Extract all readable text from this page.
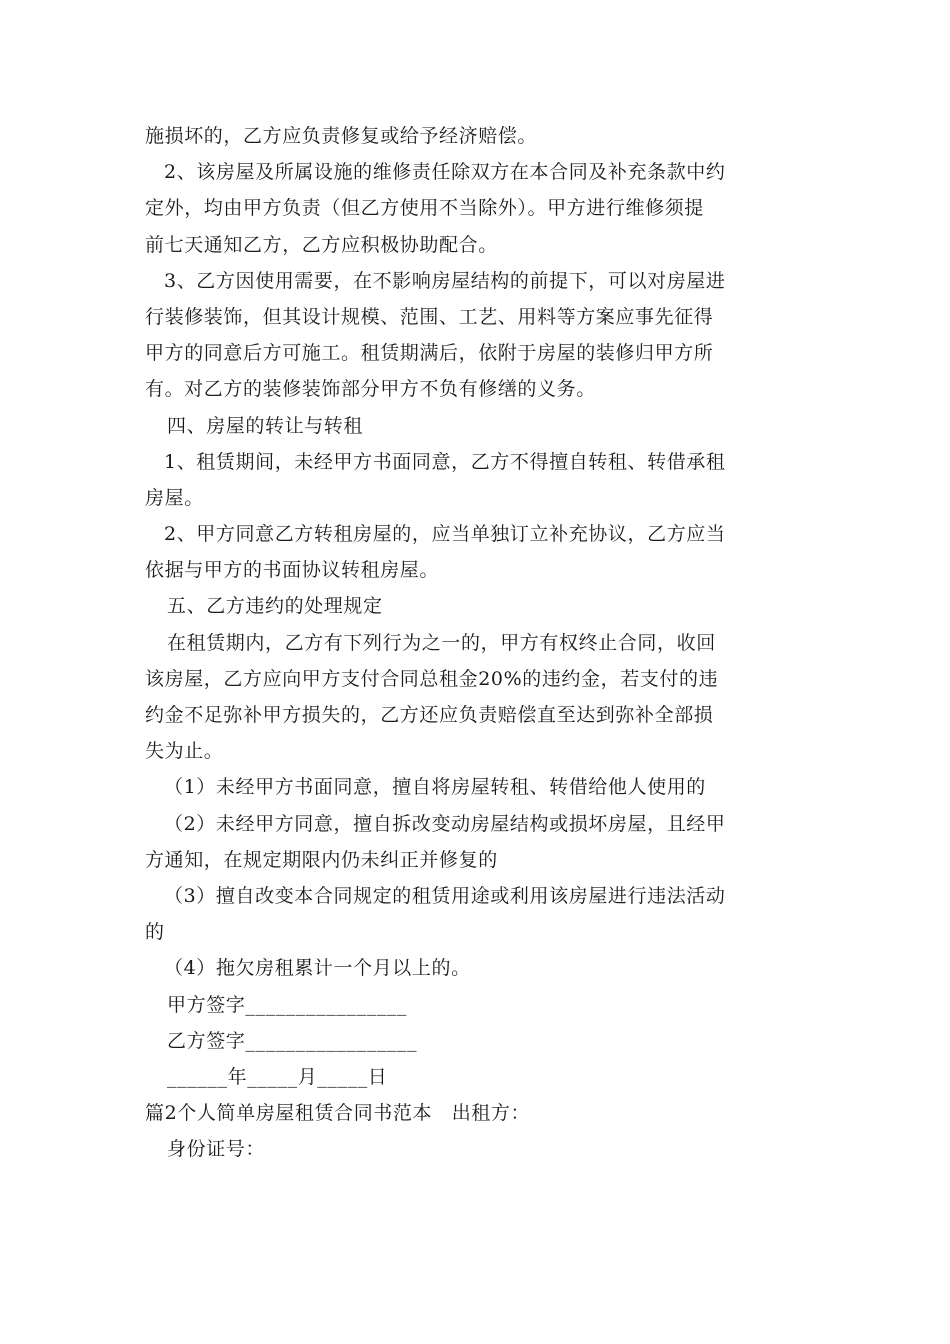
施损坏的，乙方应负责修复或给予经济赔偿。
2、该房屋及所属设施的维修责任除双方在本合同及补充条款中约
定外，均由甲方负责（但乙方使用不当除外）。甲方进行维修须提
前七天通知乙方，乙方应积极协助配合。
3、乙方因使用需要，在不影响房屋结构的前提下，可以对房屋进
行装修装饰，但其设计规模、范围、工艺、用料等方案应事先征得
甲方的同意后方可施工。租赁期满后，依附于房屋的装修归甲方所
有。对乙方的装修装饰部分甲方不负有修缮的义务。
四、房屋的转让与转租
1、租赁期间，未经甲方书面同意，乙方不得擅自转租、转借承租
房屋。
2、甲方同意乙方转租房屋的，应当单独订立补充协议，乙方应当
依据与甲方的书面协议转租房屋。
五、乙方违约的处理规定
在租赁期内，乙方有下列行为之一的，甲方有权终止合同，收回
该房屋，乙方应向甲方支付合同总租金20%的违约金，若支付的违
约金不足弥补甲方损失的，乙方还应负责赔偿直至达到弥补全部损
失为止。
（1）未经甲方书面同意，擅自将房屋转租、转借给他人使用的
（2）未经甲方同意，擅自拆改变动房屋结构或损坏房屋，且经甲
方通知，在规定期限内仍未纠正并修复的
（3）擅自改变本合同规定的租赁用途或利用该房屋进行违法活动
的
（4）拖欠房租累计一个月以上的。
甲方签字________________
乙方签字_________________
______年_____月_____日
篇2个人简单房屋租赁合同书范本　出租方：
身份证号：
